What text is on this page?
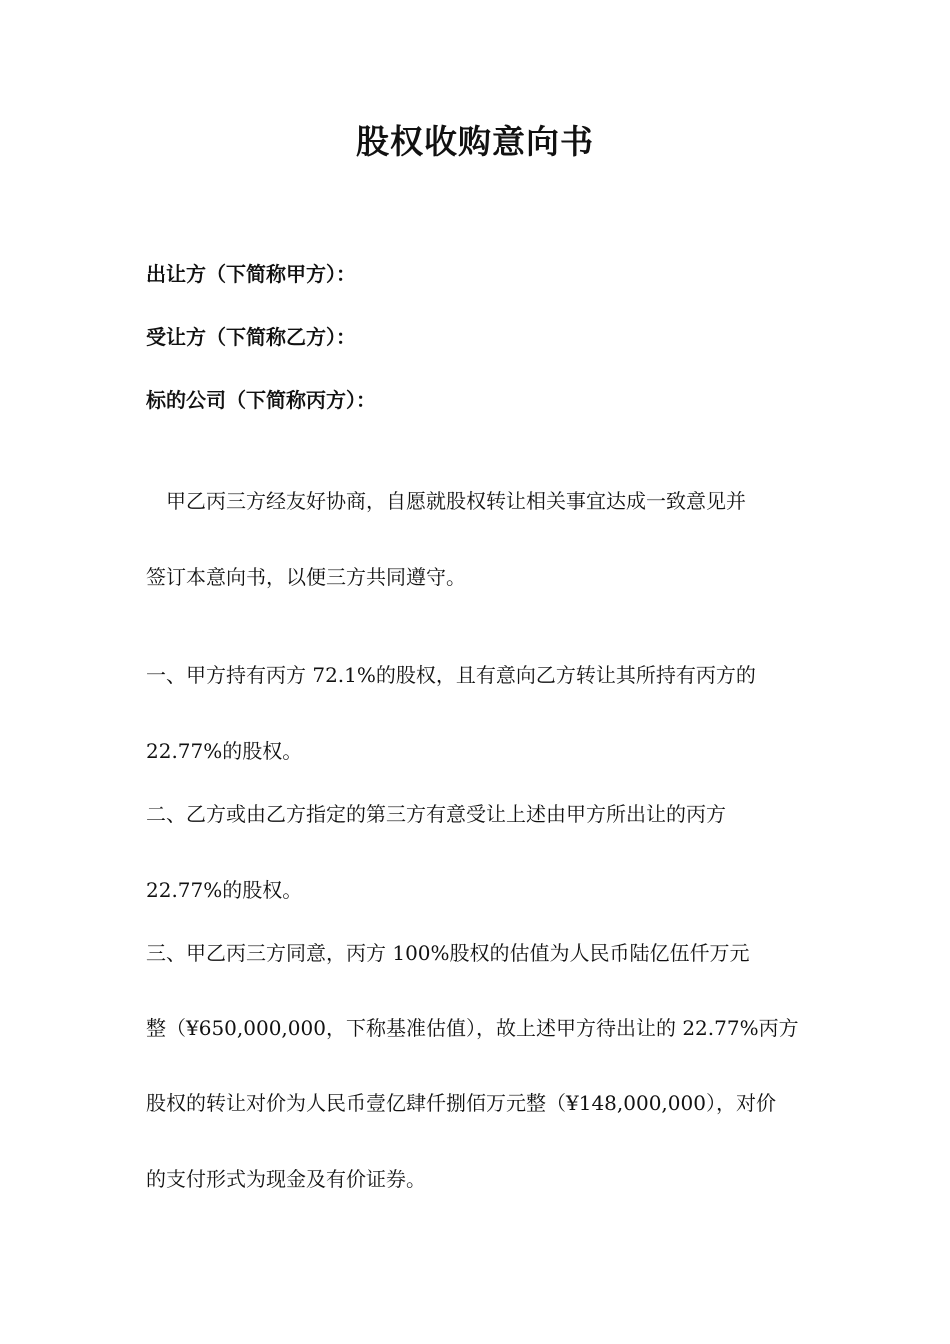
股权收购意向书
出让方（下简称甲方）：
受让方（下简称乙方）：
标的公司（下简称丙方）：
甲乙丙三方经友好协商，自愿就股权转让相关事宜达成一致意见并
签订本意向书，以便三方共同遵守。
一、甲方持有丙方 72.1%的股权，且有意向乙方转让其所持有丙方的
22.77%的股权。
二、乙方或由乙方指定的第三方有意受让上述由甲方所出让的丙方
22.77%的股权。
三、甲乙丙三方同意，丙方 100%股权的估值为人民币陆亿伍仟万元
整（¥650,000,000，下称基准估值），故上述甲方待出让的 22.77%丙方
股权的转让对价为人民币壹亿肆仟捌佰万元整（¥148,000,000），对价
的支付形式为现金及有价证券。
